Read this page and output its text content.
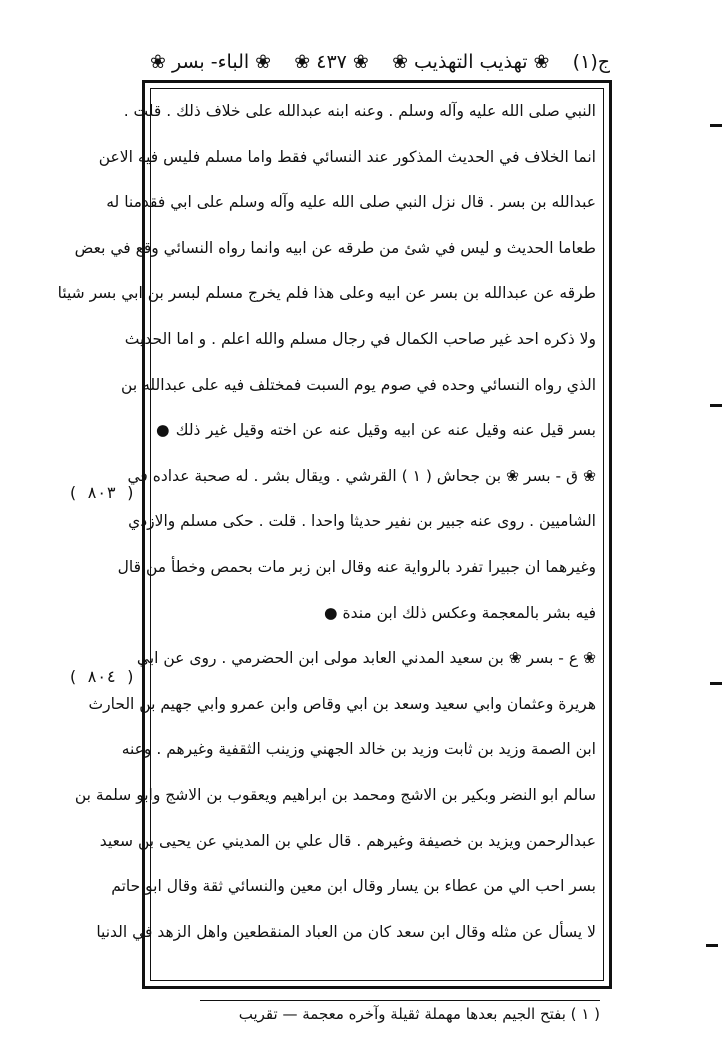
ج(١)
❀ تهذيب التهذيب ❀
❀ ٤٣٧ ❀
❀ الباء- بسر ❀
النبي صلى الله عليه وآله وسلم . وعنه ابنه عبدالله على خلاف ذلك . قلت .
انما الخلاف في الحديث المذكور عند النسائي فقط واما مسلم فليس فيه الاعن
عبدالله بن بسر . قال نزل النبي صلى الله عليه وآله وسلم على ابي فقدمنا له
طعاما الحديث و ليس في شئ من طرقه عن ابيه وانما رواه النسائي وقع في بعض
طرقه عن عبدالله بن بسر عن ابيه وعلى هذا فلم يخرج مسلم لبسر بن ابي بسر شيئا
ولا ذكره احد غير صاحب الكمال في رجال مسلم والله اعلم . و اما الحديث
الذي رواه النسائي وحده في صوم يوم السبت فمختلف فيه على عبدالله بن
بسر قيل عنه وقيل عنه عن ابيه وقيل عنه عن اخته وقيل غير ذلك ●
❀ ق - بسر ❀ بن جحاش ( ١ ) القرشي . ويقال بشر . له صحبة عداده في
الشاميين . روى عنه جبير بن نفير حديثا واحدا . قلت . حكى مسلم والازدي
وغيرهما ان جبيرا تفرد بالرواية عنه وقال ابن زبر مات بحمص وخطأ من قال
فيه بشر بالمعجمة وعكس ذلك ابن مندة ●
❀ ع - بسر ❀ بن سعيد المدني العابد مولى ابن الحضرمي . روى عن ابي
هريرة وعثمان وابي سعيد وسعد بن ابي وقاص وابن عمرو وابي جهيم بن الحارث
ابن الصمة وزيد بن ثابت وزيد بن خالد الجهني وزينب الثقفية وغيرهم . وعنه
سالم ابو النضر وبكير بن الاشج ومحمد بن ابراهيم ويعقوب بن الاشج وابو سلمة بن
عبدالرحمن ويزيد بن خصيفة وغيرهم . قال علي بن المديني عن يحيى بن سعيد
بسر احب الي من عطاء بن يسار وقال ابن معين والنسائي ثقة وقال ابو حاتم
لا يسأل عن مثله وقال ابن سعد كان من العباد المنقطعين واهل الزهد في الدنيا
( ٨٠٣ )
( ٨٠٤ )
( ١ ) بفتح الجيم بعدها مهملة ثقيلة وآخره معجمة — تقريب
